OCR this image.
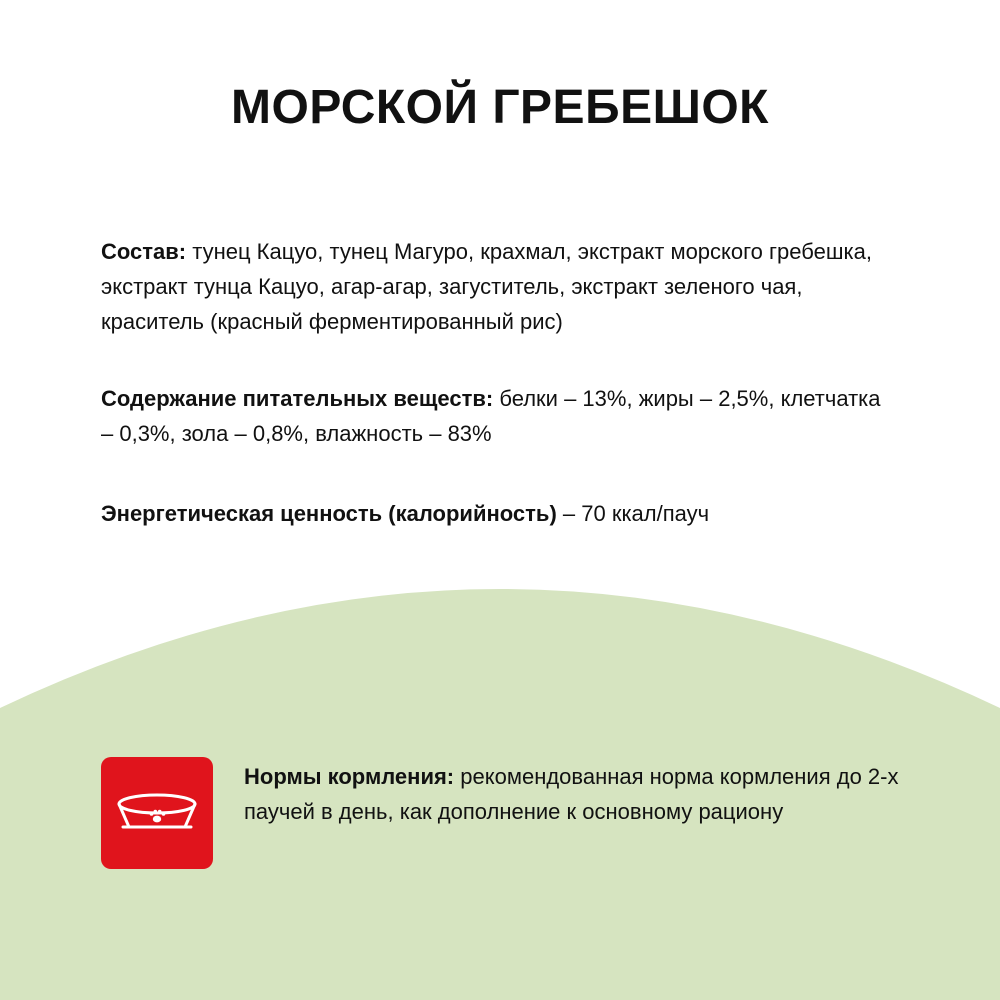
МОРСКОЙ ГРЕБЕШОК

Состав: тунец Кацуо, тунец Магуро, крахмал, экстракт морского гребешка, экстракт тунца Кацуо, агар-агар, загуститель, экстракт зеленого чая, краситель (красный ферментированный рис)

Содержание питательных веществ: белки – 13%, жиры – 2,5%, клетчатка – 0,3%, зола – 0,8%, влажность – 83%

Энергетическая ценность (калорийность) – 70 ккал/пауч

Нормы кормления: рекомендованная норма кормления до 2-х паучей в день, как дополнение к основному рациону
